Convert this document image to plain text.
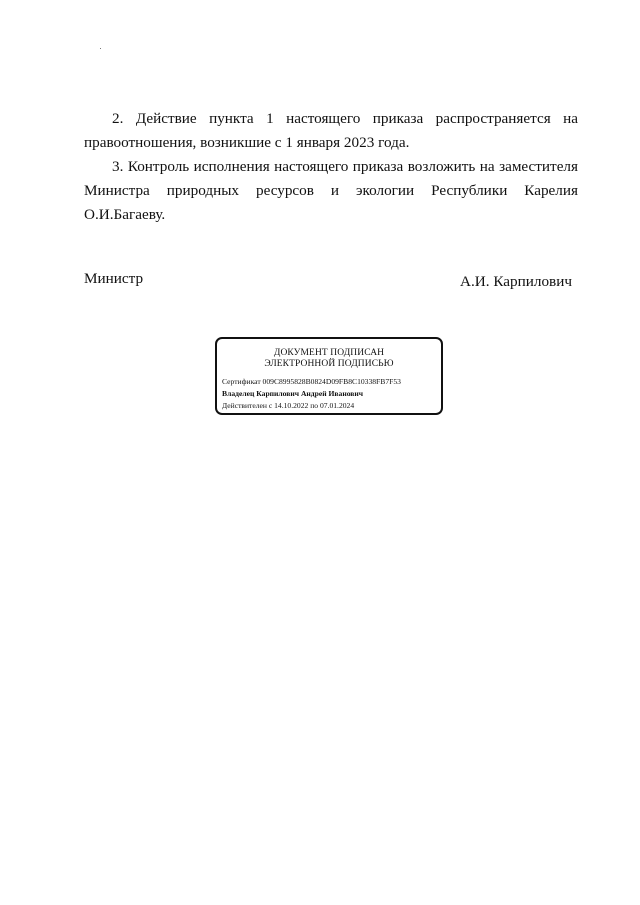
2. Действие пункта 1 настоящего приказа распространяется на правоотношения, возникшие с 1 января 2023 года.

3. Контроль исполнения настоящего приказа возложить на заместителя Министра природных ресурсов и экологии Республики Карелия О.И.Багаеву.

Министр	А.И. Карпилович
ДОКУМЕНТ ПОДПИСАН
ЭЛЕКТРОННОЙ ПОДПИСЬЮ
Сертификат 009C8995828B0824D09FB8C10338FB7F53
Владелец Карпилович Андрей Иванович
Действителен с 14.10.2022 по 07.01.2024
